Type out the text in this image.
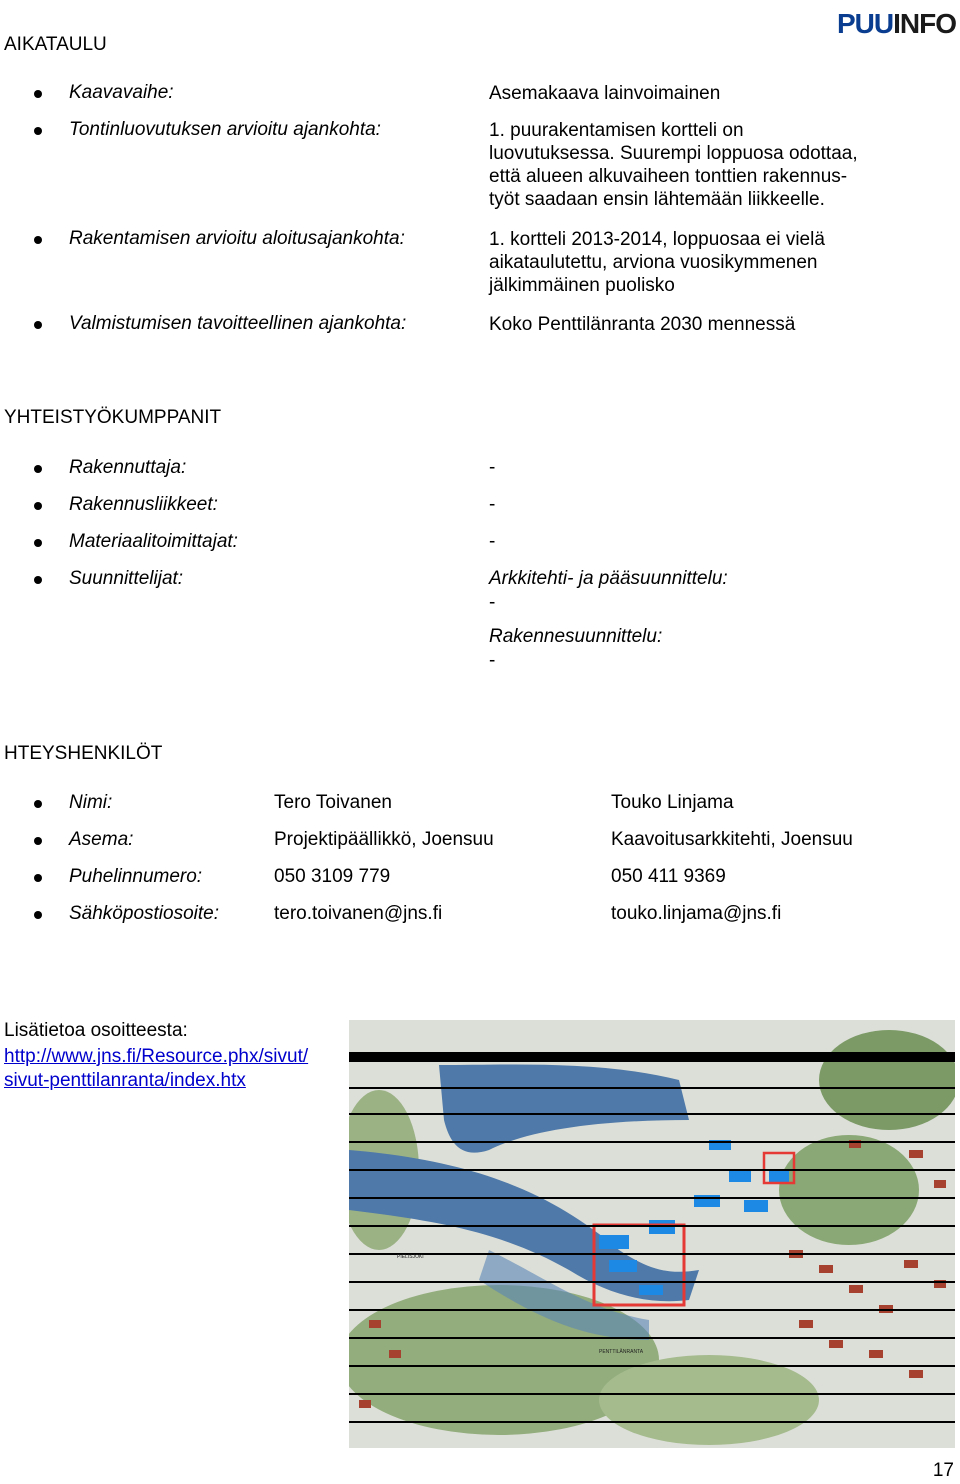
PUUINFO
AIKATAULU
Kaavavaihe:	Asemakaava lainvoimainen
Tontinluovutuksen arvioitu ajankohta:	1. puurakentamisen kortteli on
luovutuksessa. Suurempi loppuosa odottaa,
että alueen alkuvaiheen tonttien rakennus-
työt saadaan ensin lähtemään liikkeelle.
Rakentamisen arvioitu aloitusajankohta:	1. kortteli 2013-2014, loppuosaa ei vielä
aikataulutettu, arviona vuosikymmenen
jälkimmäinen puolisko
Valmistumisen tavoitteellinen ajankohta:	Koko Penttilänranta 2030 mennessä
YHTEISTYÖKUMPPANIT
Rakennuttaja:	-
Rakennusliikkeet:	-
Materiaalitoimittajat:	-
Suunnittelijat:	Arkkitehti- ja pääsuunnittelu:
-
Rakennesuunnittelu:
-
HTEYSHENKILÖT
Nimi:	Tero Toivanen	Touko Linjama
Asema:	Projektipäällikkö, Joensuu	Kaavoitusarkkitehti, Joensuu
Puhelinnumero:	050 3109 779	050 411 9369
Sähköpostiosoite:	tero.toivanen@jns.fi	touko.linjama@jns.fi
Lisätietoa osoitteesta:
http://www.jns.fi/Resource.phx/sivut/
sivut-penttilanranta/index.htx
PIELISJOKI
PENTTILÄNRANTA
17
